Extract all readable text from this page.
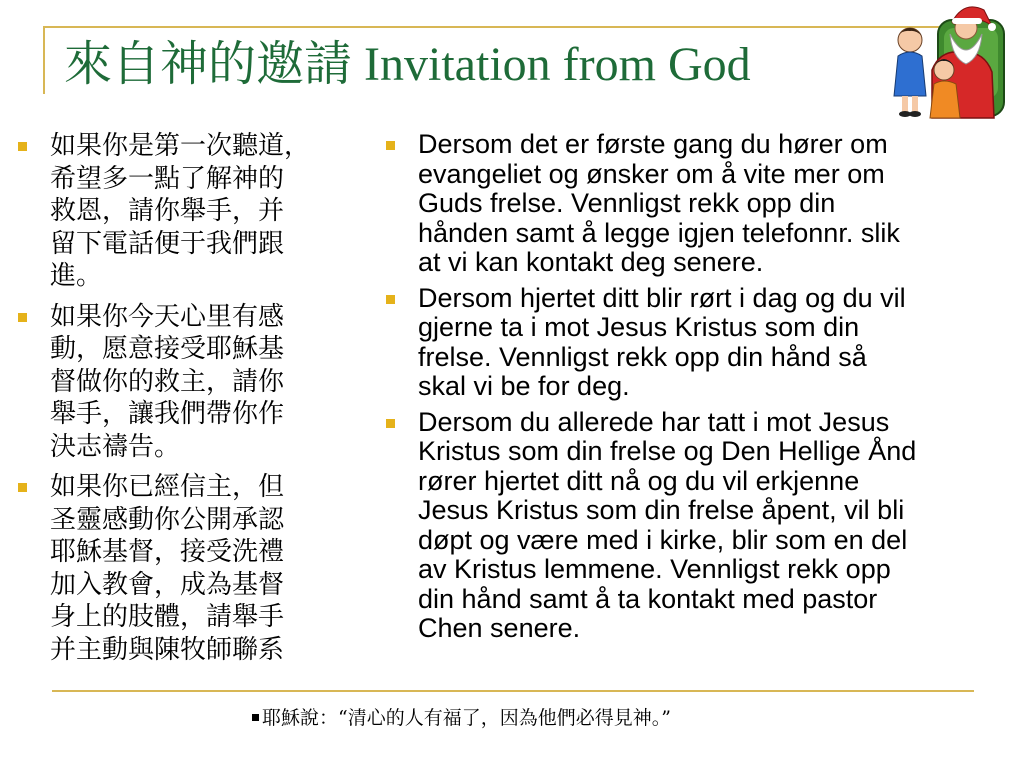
來自神的邀請 Invitation from God
如果你是第一次聽道，
希望多一點了解神的
救恩，請你舉手，并
留下電話便于我們跟
進。
如果你今天心里有感
動，愿意接受耶穌基
督做你的救主，請你
舉手，讓我們帶你作
決志禱告。
如果你已經信主，但
圣靈感動你公開承認
耶穌基督，接受洗禮
加入教會，成為基督
身上的肢體，請舉手
并主動與陳牧師聯系
Dersom det er første gang du hører om
evangeliet og ønsker om å vite mer om
Guds frelse. Vennligst rekk opp din
hånden samt å legge igjen telefonnr. slik
at vi kan kontakt deg senere.
Dersom hjertet ditt blir rørt i dag og du vil
gjerne ta i mot Jesus Kristus som din
frelse. Vennligst rekk opp din hånd så
skal vi be for deg.
Dersom du allerede har tatt i mot Jesus
Kristus som din frelse og Den Hellige Ånd
rører hjertet ditt nå og du vil erkjenne
Jesus Kristus som din frelse åpent, vil bli
døpt og være med i kirke, blir som en del
av Kristus lemmene. Vennligst rekk opp
din hånd samt å ta kontakt med pastor
Chen senere.
耶穌說：“清心的人有福了，因為他們必得見神。”
